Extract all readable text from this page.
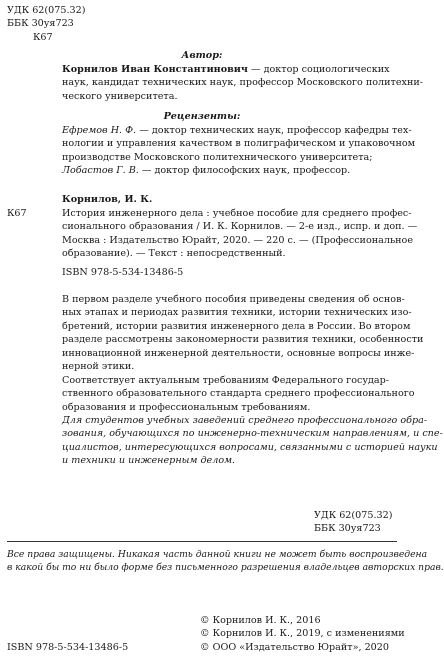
УДК 62(075.32)
ББК 30уя723
К67
Автор:
Корнилов Иван Константинович — доктор социологических
наук, кандидат технических наук, профессор Московского политехни-
ческого университета.
Рецензенты:
Ефремов Н. Ф. — доктор технических наук, профессор кафедры тех-
нологии и управления качеством в полиграфическом и упаковочном
производстве Московского политехнического университета;
Лобастов Г. В. — доктор философских наук, профессор.
Корнилов, И. К.
К67	История инженерного дела : учебное пособие для среднего профес-
сионального образования / И. К. Корнилов. — 2-е изд., испр. и доп. —
Москва : Издательство Юрайт, 2020. — 220 с. — (Профессиональное
образование). — Текст : непосредственный.
ISBN 978-5-534-13486-5
В первом разделе учебного пособия приведены сведения об основ-
ных этапах и периодах развития техники, истории технических изо-
бретений, истории развития инженерного дела в России. Во втором
разделе рассмотрены закономерности развития техники, особенности
инновационной инженерной деятельности, основные вопросы инже-
нерной этики.
Соответствует актуальным требованиям Федерального государ-
ственного образовательного стандарта среднего профессионального
образования и профессиональным требованиям.
Для студентов учебных заведений среднего профессионального обра-
зования, обучающихся по инженерно-техническим направлениям, и спе-
циалистов, интересующихся вопросами, связанными с историей науки
и техники и инженерным делом.
УДК 62(075.32)
ББК 30уя723
Все права защищены. Никакая часть данной книги не может быть воспроизведена
в какой бы то ни было форме без письменного разрешения владельцев авторских прав.
ISBN 978-5-534-13486-5
© Корнилов И. К., 2016
© Корнилов И. К., 2019, с изменениями
© ООО «Издательство Юрайт», 2020
